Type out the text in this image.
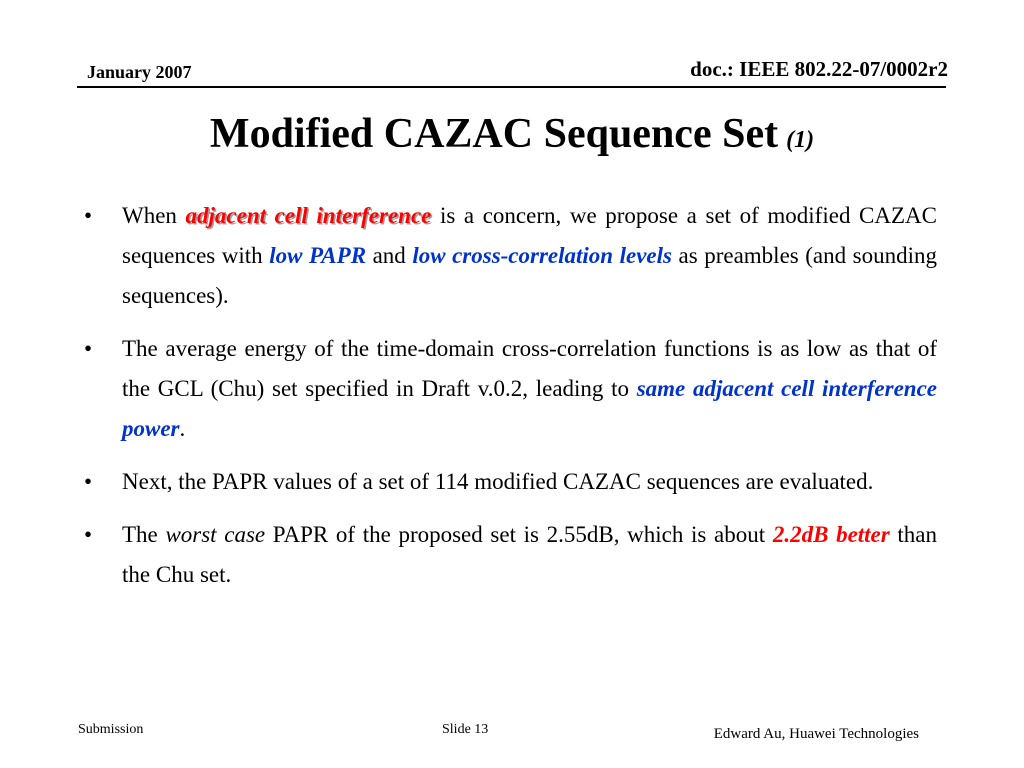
January 2007	doc.: IEEE 802.22-07/0002r2
Modified CAZAC Sequence Set (1)
• When adjacent cell interference is a concern, we propose a set of modified CAZAC sequences with low PAPR and low cross-correlation levels as preambles (and sounding sequences).
• The average energy of the time-domain cross-correlation functions is as low as that of the GCL (Chu) set specified in Draft v.0.2, leading to same adjacent cell interference power.
• Next, the PAPR values of a set of 114 modified CAZAC sequences are evaluated.
• The worst case PAPR of the proposed set is 2.55dB, which is about 2.2dB better than the Chu set.
Submission	Slide 13	Edward Au, Huawei Technologies
